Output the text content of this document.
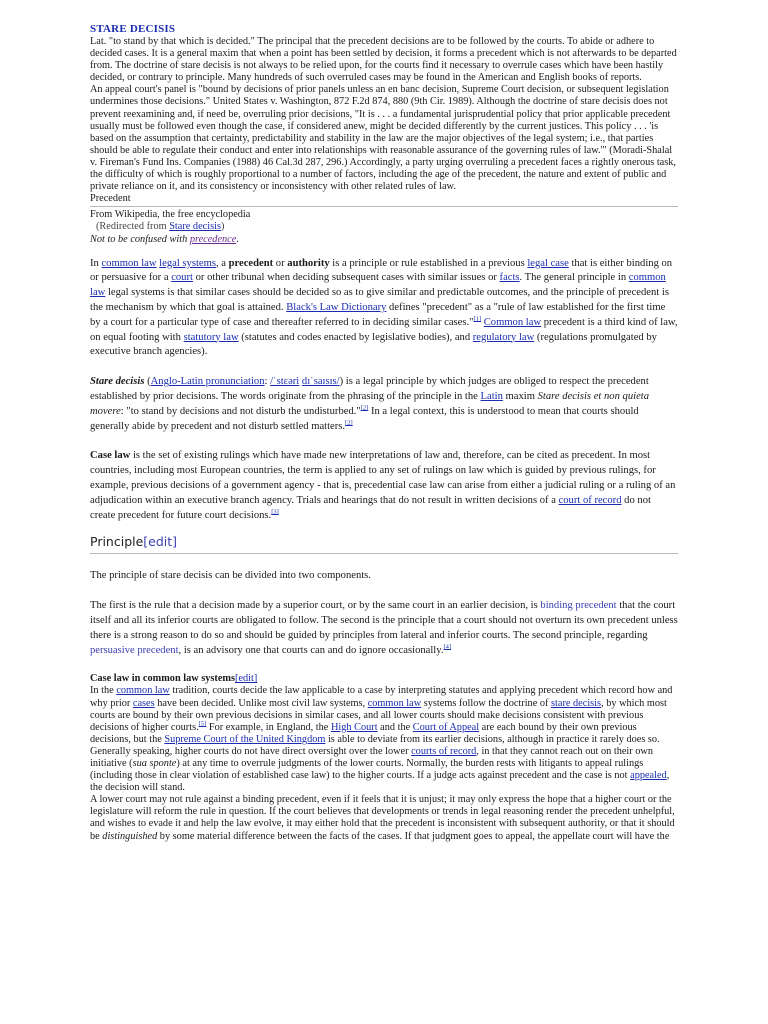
STARE DECISIS

Lat. "to stand by that which is decided." The principal that the precedent decisions are to be followed by the courts. To abide or adhere to decided cases. It is a general maxim that when a point has been settled by decision, it forms a precedent which is not afterwards to be departed from. The doctrine of stare decisis is not always to be relied upon, for the courts find it necessary to overrule cases which have been hastily decided, or contrary to principle. Many hundreds of such overruled cases may be found in the American and English books of reports.

An appeal court's panel is "bound by decisions of prior panels unless an en banc decision, Supreme Court decision, or subsequent legislation undermines those decisions." United States v. Washington, 872 F.2d 874, 880 (9th Cir. 1989). Although the doctrine of stare decisis does not prevent reexamining and, if need be, overruling prior decisions, "It is . . . a fundamental jurisprudential policy that prior applicable precedent usually must be followed even though the case, if considered anew, might be decided differently by the current justices. This policy . . . 'is based on the assumption that certainty, predictability and stability in the law are the major objectives of the legal system; i.e., that parties should be able to regulate their conduct and enter into relationships with reasonable assurance of the governing rules of law.'" (Moradi-Shalal v. Fireman's Fund Ins. Companies (1988) 46 Cal.3d 287, 296.) Accordingly, a party urging overruling a precedent faces a rightly onerous task, the difficulty of which is roughly proportional to a number of factors, including the age of the precedent, the nature and extent of public and private reliance on it, and its consistency or inconsistency with other related rules of law.

Precedent
From Wikipedia, the free encyclopedia
(Redirected from Stare decisis)
Not to be confused with precedence.

In common law legal systems, a precedent or authority is a principle or rule established in a previous legal case that is either binding on or persuasive for a court or other tribunal when deciding subsequent cases with similar issues or facts. The general principle in common law legal systems is that similar cases should be decided so as to give similar and predictable outcomes, and the principle of precedent is the mechanism by which that goal is attained. Black's Law Dictionary defines "precedent" as a "rule of law established for the first time by a court for a particular type of case and thereafter referred to in deciding similar cases."[1] Common law precedent is a third kind of law, on equal footing with statutory law (statutes and codes enacted by legislative bodies), and regulatory law (regulations promulgated by executive branch agencies).

Stare decisis (Anglo-Latin pronunciation: /ˈstɛəri dɪˈsaɪsɪs/) is a legal principle by which judges are obliged to respect the precedent established by prior decisions. The words originate from the phrasing of the principle in the Latin maxim Stare decisis et non quieta movere: "to stand by decisions and not disturb the undisturbed."[2] In a legal context, this is understood to mean that courts should generally abide by precedent and not disturb settled matters.[2]

Case law is the set of existing rulings which have made new interpretations of law and, therefore, can be cited as precedent. In most countries, including most European countries, the term is applied to any set of rulings on law which is guided by previous rulings, for example, previous decisions of a government agency - that is, precedential case law can arise from either a judicial ruling or a ruling of an adjudication within an executive branch agency. Trials and hearings that do not result in written decisions of a court of record do not create precedent for future court decisions.[3]

Principle[edit]

The principle of stare decisis can be divided into two components.

The first is the rule that a decision made by a superior court, or by the same court in an earlier decision, is binding precedent that the court itself and all its inferior courts are obligated to follow. The second is the principle that a court should not overturn its own precedent unless there is a strong reason to do so and should be guided by principles from lateral and inferior courts. The second principle, regarding persuasive precedent, is an advisory one that courts can and do ignore occasionally.[4]

Case law in common law systems[edit]

In the common law tradition, courts decide the law applicable to a case by interpreting statutes and applying precedent which record how and why prior cases have been decided. Unlike most civil law systems, common law systems follow the doctrine of stare decisis, by which most courts are bound by their own previous decisions in similar cases, and all lower courts should make decisions consistent with previous decisions of higher courts.[5] For example, in England, the High Court and the Court of Appeal are each bound by their own previous decisions, but the Supreme Court of the United Kingdom is able to deviate from its earlier decisions, although in practice it rarely does so.

Generally speaking, higher courts do not have direct oversight over the lower courts of record, in that they cannot reach out on their own initiative (sua sponte) at any time to overrule judgments of the lower courts. Normally, the burden rests with litigants to appeal rulings (including those in clear violation of established case law) to the higher courts. If a judge acts against precedent and the case is not appealed, the decision will stand.

A lower court may not rule against a binding precedent, even if it feels that it is unjust; it may only express the hope that a higher court or the legislature will reform the rule in question. If the court believes that developments or trends in legal reasoning render the precedent unhelpful, and wishes to evade it and help the law evolve, it may either hold that the precedent is inconsistent with subsequent authority, or that it should be distinguished by some material difference between the facts of the cases. If that judgment goes to appeal, the appellate court will have the
